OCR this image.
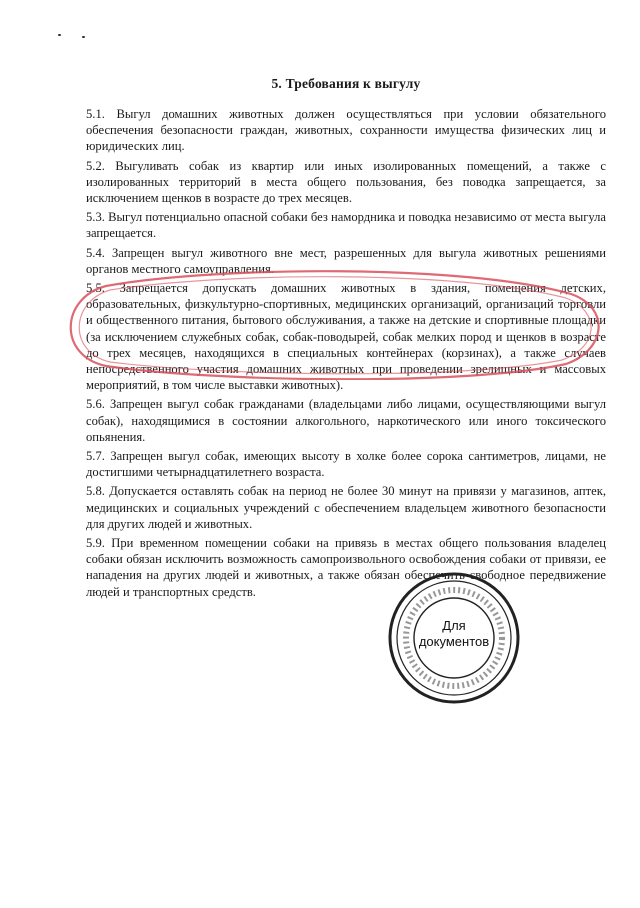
5. Требования к выгулу

5.1. Выгул домашних животных должен осуществляться при условии обязательного обеспечения безопасности граждан, животных, сохранности имущества физических лиц и юридических лиц.

5.2. Выгуливать собак из квартир или иных изолированных помещений, а также с изолированных территорий в места общего пользования, без поводка запрещается, за исключением щенков в возрасте до трех месяцев.

5.3. Выгул потенциально опасной собаки без намордника и поводка независимо от места выгула запрещается.

5.4. Запрещен выгул животного вне мест, разрешенных для выгула животных решениями органов местного самоуправления.

5.5. Запрещается допускать домашних животных в здания, помещения детских, образовательных, физкультурно-спортивных, медицинских организаций, организаций торговли и общественного питания, бытового обслуживания, а также на детские и спортивные площадки (за исключением служебных собак, собак-поводырей, собак мелких пород и щенков в возрасте до трех месяцев, находящихся в специальных контейнерах (корзинах), а также случаев непосредственного участия домашних животных при проведении зрелищных и массовых мероприятий, в том числе выставки животных).

5.6. Запрещен выгул собак гражданами (владельцами либо лицами, осуществляющими выгул собак), находящимися в состоянии алкогольного, наркотического или иного токсического опьянения.

5.7. Запрещен выгул собак, имеющих высоту в холке более сорока сантиметров, лицами, не достигшими четырнадцатилетнего возраста.

5.8. Допускается оставлять собак на период не более 30 минут на привязи у магазинов, аптек, медицинских и социальных учреждений с обеспечением владельцем животного безопасности для других людей и животных.

5.9. При временном помещении собаки на привязь в местах общего пользования владелец собаки обязан исключить возможность самопроизвольного освобождения собаки от привязи, ее нападения на других людей и животных, а также обязан обеспечить свободное передвижение людей и транспортных средств.

Для
документов
